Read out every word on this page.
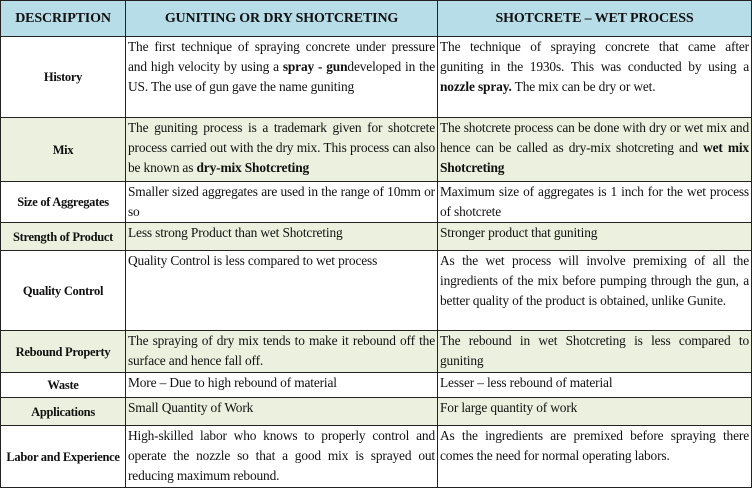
DESCRIPTION	GUNITING OR DRY SHOTCRETING	SHOTCRETE – WET PROCESS
History	The first technique of spraying concrete under pressure and high velocity by using a spray - gundeveloped in the US. The use of gun gave the name guniting	The technique of spraying concrete that came after guniting in the 1930s. This was conducted by using a nozzle spray. The mix can be dry or wet.
Mix	The guniting process is a trademark given for shotcrete process carried out with the dry mix. This process can also be known as dry-mix Shotcreting	The shotcrete process can be done with dry or wet mix and hence can be called as dry-mix shotcreting and wet mix Shotcreting
Size of Aggregates	Smaller sized aggregates are used in the range of 10mm or so	Maximum size of aggregates is 1 inch for the wet process of shotcrete
Strength of Product	Less strong Product than wet Shotcreting	Stronger product that guniting
Quality Control	Quality Control is less compared to wet process	As the wet process will involve premixing of all the ingredients of the mix before pumping through the gun, a better quality of the product is obtained, unlike Gunite.
Rebound Property	The spraying of dry mix tends to make it rebound off the surface and hence fall off.	The rebound in wet Shotcreting is less compared to guniting
Waste	More – Due to high rebound of material	Lesser – less rebound of material
Applications	Small Quantity of Work	For large quantity of work
Labor and Experience	High-skilled labor who knows to properly control and operate the nozzle so that a good mix is sprayed out reducing maximum rebound.	As the ingredients are premixed before spraying there comes the need for normal operating labors.
